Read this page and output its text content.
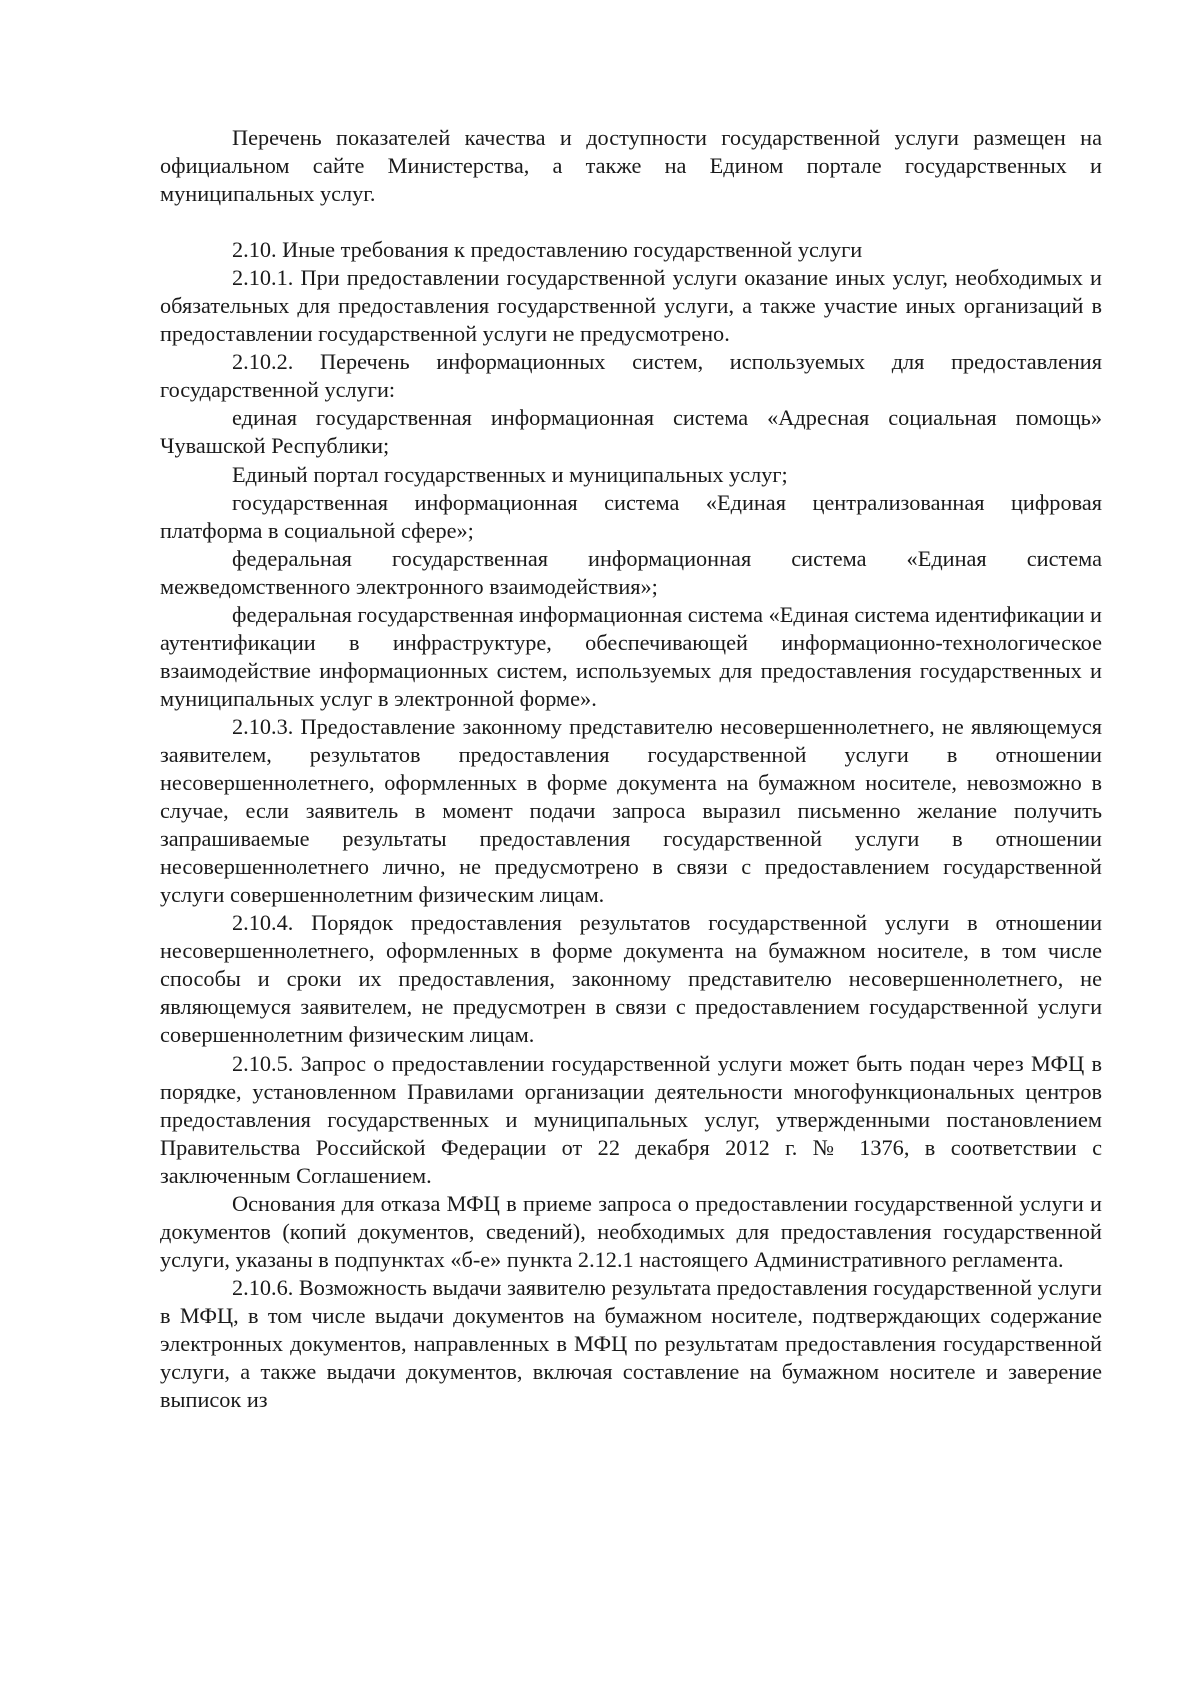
Перечень показателей качества и доступности государственной услуги размещен на официальном сайте Министерства, а также на Едином портале государственных и муниципальных услуг.

2.10. Иные требования к предоставлению государственной услуги

2.10.1. При предоставлении государственной услуги оказание иных услуг, необходимых и обязательных для предоставления государственной услуги, а также участие иных организаций в предоставлении государственной услуги не предусмотрено.

2.10.2. Перечень информационных систем, используемых для предоставления государственной услуги:

единая государственная информационная система «Адресная социальная помощь» Чувашской Республики;

Единый портал государственных и муниципальных услуг;

государственная информационная система «Единая централизованная цифровая платформа в социальной сфере»;

федеральная государственная информационная система «Единая система межведомственного электронного взаимодействия»;

федеральная государственная информационная система «Единая система идентификации и аутентификации в инфраструктуре, обеспечивающей информационно-технологическое взаимодействие информационных систем, используемых для предоставления государственных и муниципальных услуг в электронной форме».

2.10.3. Предоставление законному представителю несовершеннолетнего, не являющемуся заявителем, результатов предоставления государственной услуги в отношении несовершеннолетнего, оформленных в форме документа на бумажном носителе, невозможно в случае, если заявитель в момент подачи запроса выразил письменно желание получить запрашиваемые результаты предоставления государственной услуги в отношении несовершеннолетнего лично, не предусмотрено в связи с предоставлением государственной услуги совершеннолетним физическим лицам.

2.10.4. Порядок предоставления результатов государственной услуги в отношении несовершеннолетнего, оформленных в форме документа на бумажном носителе, в том числе способы и сроки их предоставления, законному представителю несовершеннолетнего, не являющемуся заявителем, не предусмотрен в связи с предоставлением государственной услуги совершеннолетним физическим лицам.

2.10.5. Запрос о предоставлении государственной услуги может быть подан через МФЦ в порядке, установленном Правилами организации деятельности многофункциональных центров предоставления государственных и муниципальных услуг, утвержденными постановлением Правительства Российской Федерации от 22 декабря 2012 г. № 1376, в соответствии с заключенным Соглашением.

Основания для отказа МФЦ в приеме запроса о предоставлении государственной услуги и документов (копий документов, сведений), необходимых для предоставления государственной услуги, указаны в подпунктах «б-е» пункта 2.12.1 настоящего Административного регламента.

2.10.6. Возможность выдачи заявителю результата предоставления государственной услуги в МФЦ, в том числе выдачи документов на бумажном носителе, подтверждающих содержание электронных документов, направленных в МФЦ по результатам предоставления государственной услуги, а также выдачи документов, включая составление на бумажном носителе и заверение выписок из
